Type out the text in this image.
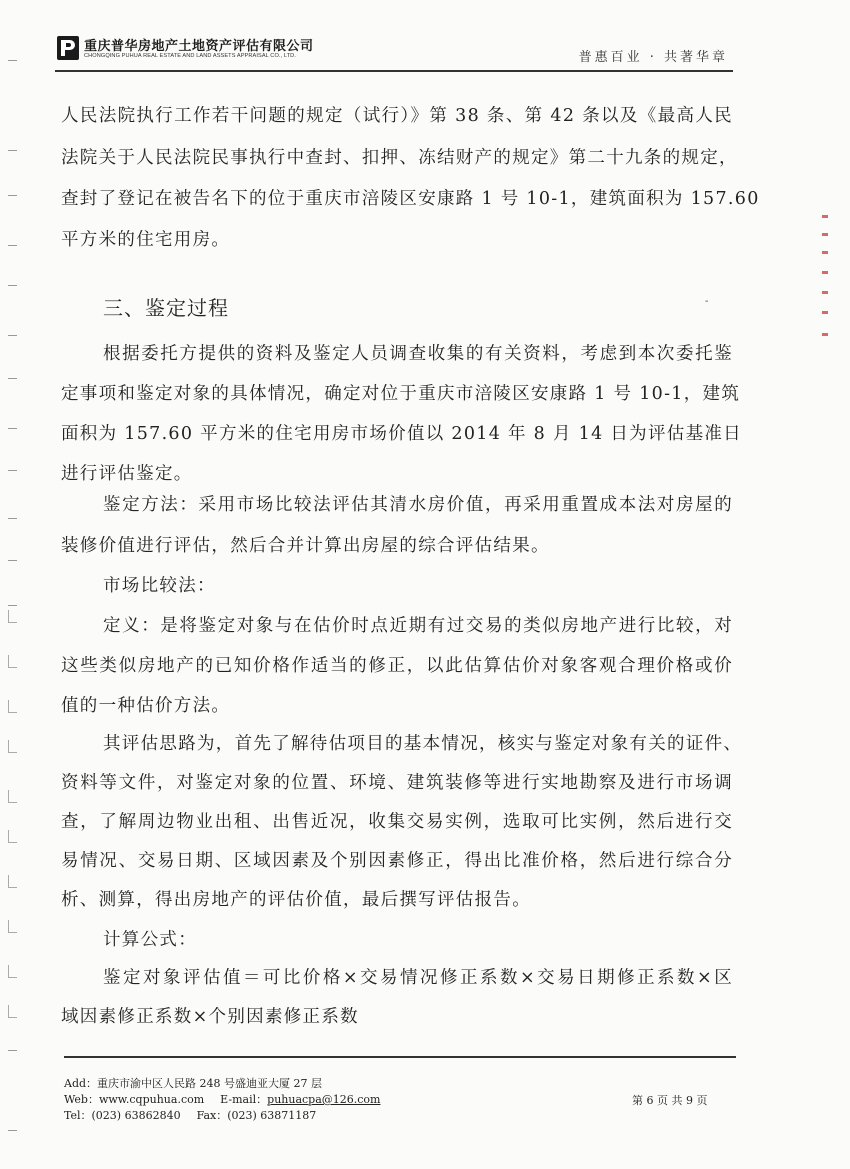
重庆普华房地产土地资产评估有限公司
CHONGQING PUHUA REAL ESTATE AND LAND ASSETS APPRAISAL CO., LTD.	普惠百业 · 共著华章
人民法院执行工作若干问题的规定（试行）》第 38 条、第 42 条以及《最高人民
法院关于人民法院民事执行中查封、扣押、冻结财产的规定》第二十九条的规定，
查封了登记在被告名下的位于重庆市涪陵区安康路 1 号 10-1，建筑面积为 157.60
平方米的住宅用房。
三、鉴定过程	-
根据委托方提供的资料及鉴定人员调查收集的有关资料，考虑到本次委托鉴
定事项和鉴定对象的具体情况，确定对位于重庆市涪陵区安康路 1 号 10-1，建筑
面积为 157.60 平方米的住宅用房市场价值以 2014 年 8 月 14 日为评估基准日
进行评估鉴定。
鉴定方法：采用市场比较法评估其清水房价值，再采用重置成本法对房屋的
装修价值进行评估，然后合并计算出房屋的综合评估结果。
市场比较法：
定义：是将鉴定对象与在估价时点近期有过交易的类似房地产进行比较，对
这些类似房地产的已知价格作适当的修正，以此估算估价对象客观合理价格或价
值的一种估价方法。
其评估思路为，首先了解待估项目的基本情况，核实与鉴定对象有关的证件、
资料等文件，对鉴定对象的位置、环境、建筑装修等进行实地勘察及进行市场调
查，了解周边物业出租、出售近况，收集交易实例，选取可比实例，然后进行交
易情况、交易日期、区域因素及个别因素修正，得出比准价格，然后进行综合分
析、测算，得出房地产的评估价值，最后撰写评估报告。
计算公式：
鉴定对象评估值＝可比价格×交易情况修正系数×交易日期修正系数×区
域因素修正系数×个别因素修正系数
Add：重庆市渝中区人民路 248 号盛迪亚大厦 27 层
Web：www.cqpuhua.com E-mail：puhuacpa@126.com
Tel：(023) 63862840 Fax：(023) 63871187
第 6 页 共 9 页
